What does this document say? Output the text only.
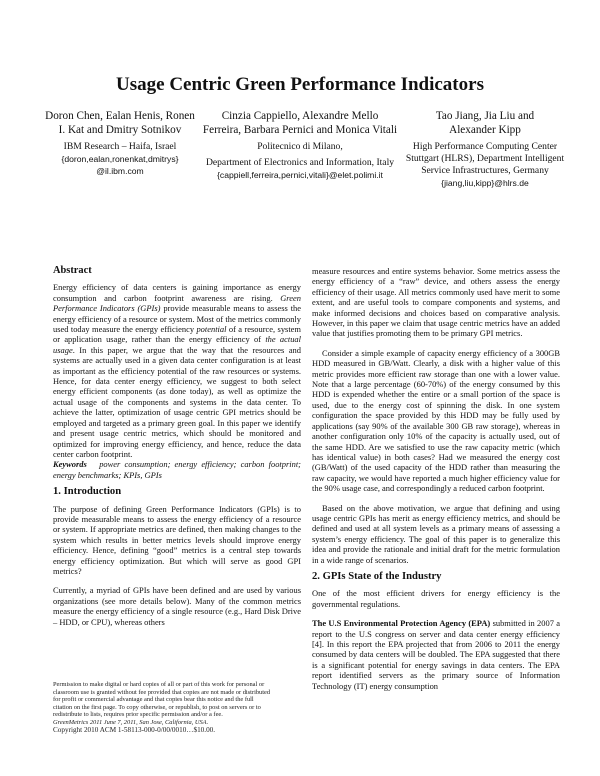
Usage Centric Green Performance Indicators
Doron Chen, Ealan Henis, Ronen
I. Kat and Dmitry Sotnikov
IBM Research – Haifa, Israel
{doron,ealan,ronenkat,dmitrys}
@il.ibm.com
Cinzia Cappiello, Alexandre Mello
Ferreira, Barbara Pernici and Monica Vitali
Politecnico di Milano,
Department of Electronics and Information, Italy
{cappiell,ferreira,pernici,vitali}@elet.polimi.it
Tao Jiang, Jia Liu and
Alexander Kipp
High Performance Computing Center
Stuttgart (HLRS), Department Intelligent
Service Infrastructures, Germany
{jiang,liu,kipp}@hlrs.de
Abstract

Energy efficiency of data centers is gaining importance as energy consumption and carbon footprint awareness are rising. Green Performance Indicators (GPIs) provide measurable means to assess the energy efficiency of a resource or system. Most of the metrics commonly used today measure the energy efficiency potential of a resource, system or application usage, rather than the energy efficiency of the actual usage. In this paper, we argue that the way that the resources and systems are actually used in a given data center configuration is at least as important as the efficiency potential of the raw resources or systems. Hence, for data center energy efficiency, we suggest to both select energy efficient components (as done today), as well as optimize the actual usage of the components and systems in the data center. To achieve the latter, optimization of usage centric GPI metrics should be employed and targeted as a primary green goal. In this paper we identify and present usage centric metrics, which should be monitored and optimized for improving energy efficiency, and hence, reduce the data center carbon footprint.

Keywords power consumption; energy efficiency; carbon footprint; energy benchmarks; KPIs, GPIs

1. Introduction

The purpose of defining Green Performance Indicators (GPIs) is to provide measurable means to assess the energy efficiency of a resource or system. If appropriate metrics are defined, then making changes to the system which results in better metrics levels should improve energy efficiency. Hence, defining “good” metrics is a central step towards energy efficiency optimization. But which will serve as good GPI metrics?

Currently, a myriad of GPIs have been defined and are used by various organizations (see more details below). Many of the common metrics measure the energy efficiency of a single resource (e.g., Hard Disk Drive – HDD, or CPU), whereas others

measure resources and entire systems behavior. Some metrics assess the energy efficiency of a “raw” device, and others assess the energy efficiency of their usage. All metrics commonly used have merit to some extent, and are useful tools to compare components and systems, and make informed decisions and choices based on comparative analysis. However, in this paper we claim that usage centric metrics have an added value that justifies promoting them to be primary GPI metrics.

Consider a simple example of capacity energy efficiency of a 300GB HDD measured in GB/Watt. Clearly, a disk with a higher value of this metric provides more efficient raw storage than one with a lower value. Note that a large percentage (60-70%) of the energy consumed by this HDD is expended whether the entire or a small portion of the space is used, due to the energy cost of spinning the disk. In one system configuration the space provided by this HDD may be fully used by applications (say 90% of the available 300 GB raw storage), whereas in another configuration only 10% of the capacity is actually used, out of the same HDD. Are we satisfied to use the raw capacity metric (which has identical value) in both cases? Had we measured the energy cost (GB/Watt) of the used capacity of the HDD rather than measuring the raw capacity, we would have reported a much higher efficiency value for the 90% usage case, and correspondingly a reduced carbon footprint.

Based on the above motivation, we argue that defining and using usage centric GPIs has merit as energy efficiency metrics, and should be defined and used at all system levels as a primary means of assessing a system’s energy efficiency. The goal of this paper is to generalize this idea and provide the rationale and initial draft for the metric formulation in a wide range of scenarios.

2. GPIs State of the Industry

One of the most efficient drivers for energy efficiency is the governmental regulations.

The U.S Environmental Protection Agency (EPA) submitted in 2007 a report to the U.S congress on server and data center energy efficiency [4]. In this report the EPA projected that from 2006 to 2011 the energy consumed by data centers will be doubled. The EPA suggested that there is a significant potential for energy savings in data centers. The EPA report identified servers as the primary source of Information Technology (IT) energy consumption

Permission to make digital or hard copies of all or part of this work for personal or
classroom use is granted without fee provided that copies are not made or distributed
for profit or commercial advantage and that copies bear this notice and the full
citation on the first page. To copy otherwise, or republish, to post on servers or to
redistribute to lists, requires prior specific permission and/or a fee.
GreenMetrics 2011 June 7, 2011, San Jose, California, USA.
Copyright 2010 ACM 1-58113-000-0/00/0010…$10.00.
